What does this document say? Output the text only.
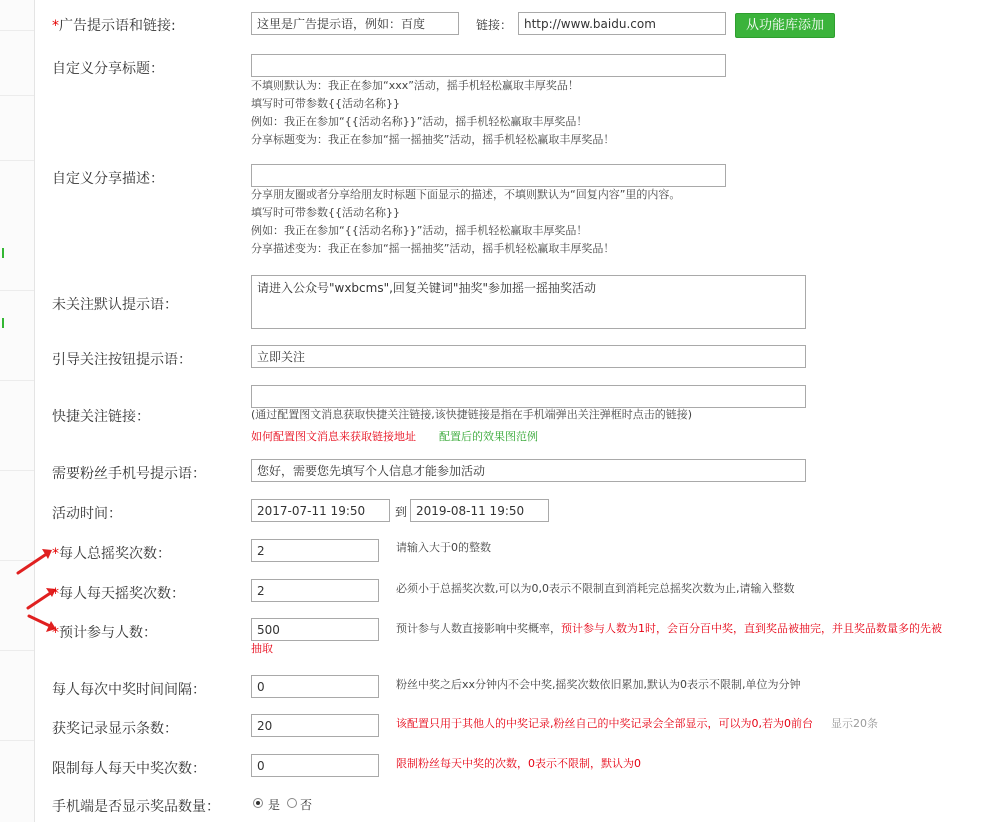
*广告提示语和链接:
这里是广告提示语，例如：百度	链接：
http://www.baidu.com	从功能库添加
自定义分享标题：
不填则默认为：我正在参加“xxx”活动，摇手机轻松赢取丰厚奖品！
填写时可带参数{{活动名称}}
例如：我正在参加“{{活动名称}}”活动，摇手机轻松赢取丰厚奖品！
分享标题变为：我正在参加“摇一摇抽奖”活动，摇手机轻松赢取丰厚奖品！
自定义分享描述：
分享朋友圈或者分享给朋友时标题下面显示的描述，不填则默认为“回复内容”里的内容。
填写时可带参数{{活动名称}}
例如：我正在参加“{{活动名称}}”活动，摇手机轻松赢取丰厚奖品！
分享描述变为：我正在参加“摇一摇抽奖”活动，摇手机轻松赢取丰厚奖品！
未关注默认提示语：
请进入公众号"wxbcms",回复关键词"抽奖"参加摇一摇抽奖活动
引导关注按钮提示语：
立即关注
快捷关注链接：	(通过配置图文消息获取快捷关注链接,该快捷链接是指在手机端弹出关注弹框时点击的链接)
如何配置图文消息来获取链接地址 配置后的效果图范例
需要粉丝手机号提示语：
您好，需要您先填写个人信息才能参加活动
活动时间：
2017-07-11 19:50	到
2019-08-11 19:50
*每人总摇奖次数：
2	请输入大于0的整数
*每人每天摇奖次数：
2	必须小于总摇奖次数,可以为0,0表示不限制直到消耗完总摇奖次数为止,请输入整数
*预计参与人数：
500	预计参与人数直接影响中奖概率，预计参与人数为1时，会百分百中奖，直到奖品被抽完，并且奖品数量多的先被
抽取
每人每次中奖时间间隔：
0	粉丝中奖之后xx分钟内不会中奖,摇奖次数依旧累加,默认为0表示不限制,单位为分钟
获奖记录显示条数：
20	该配置只用于其他人的中奖记录,粉丝自己的中奖记录会全部显示，可以为0,若为0前台 显示20条
限制每人每天中奖次数：
0	限制粉丝每天中奖的次数，0表示不限制，默认为0
手机端是否显示奖品数量：	是 否
